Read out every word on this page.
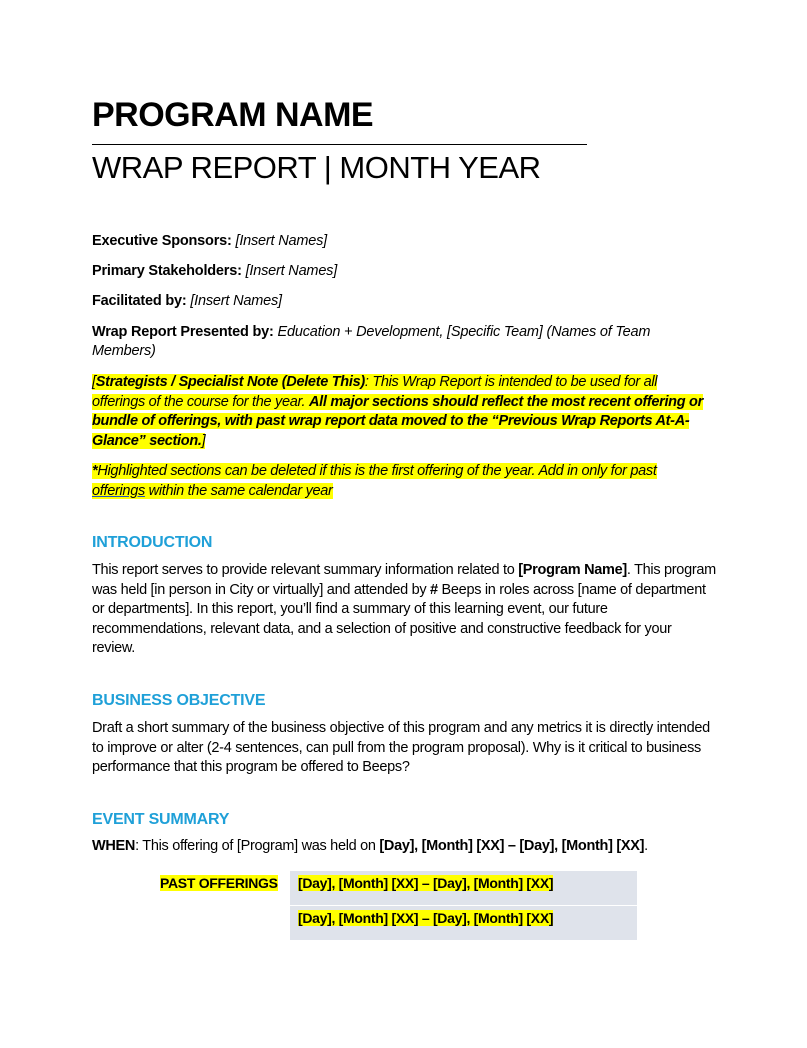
PROGRAM NAME
WRAP REPORT | MONTH YEAR
Executive Sponsors: [Insert Names]
Primary Stakeholders: [Insert Names]
Facilitated by: [Insert Names]
Wrap Report Presented by: Education + Development, [Specific Team] (Names of Team Members)
[Strategists / Specialist Note (Delete This): This Wrap Report is intended to be used for all offerings of the course for the year. All major sections should reflect the most recent offering or bundle of offerings, with past wrap report data moved to the “Previous Wrap Reports At-A-Glance” section.]
*Highlighted sections can be deleted if this is the first offering of the year. Add in only for past offerings within the same calendar year
INTRODUCTION
This report serves to provide relevant summary information related to [Program Name]. This program was held [in person in City or virtually] and attended by # Beeps in roles across [name of department or departments]. In this report, you’ll find a summary of this learning event, our future recommendations, relevant data, and a selection of positive and constructive feedback for your review.
BUSINESS OBJECTIVE
Draft a short summary of the business objective of this program and any metrics it is directly intended to improve or alter (2-4 sentences, can pull from the program proposal). Why is it critical to business performance that this program be offered to Beeps?
EVENT SUMMARY
WHEN: This offering of [Program] was held on [Day], [Month] [XX] – [Day], [Month] [XX].
PAST OFFERINGS	[Day], [Month] [XX] – [Day], [Month] [XX]
	[Day], [Month] [XX] – [Day], [Month] [XX]
